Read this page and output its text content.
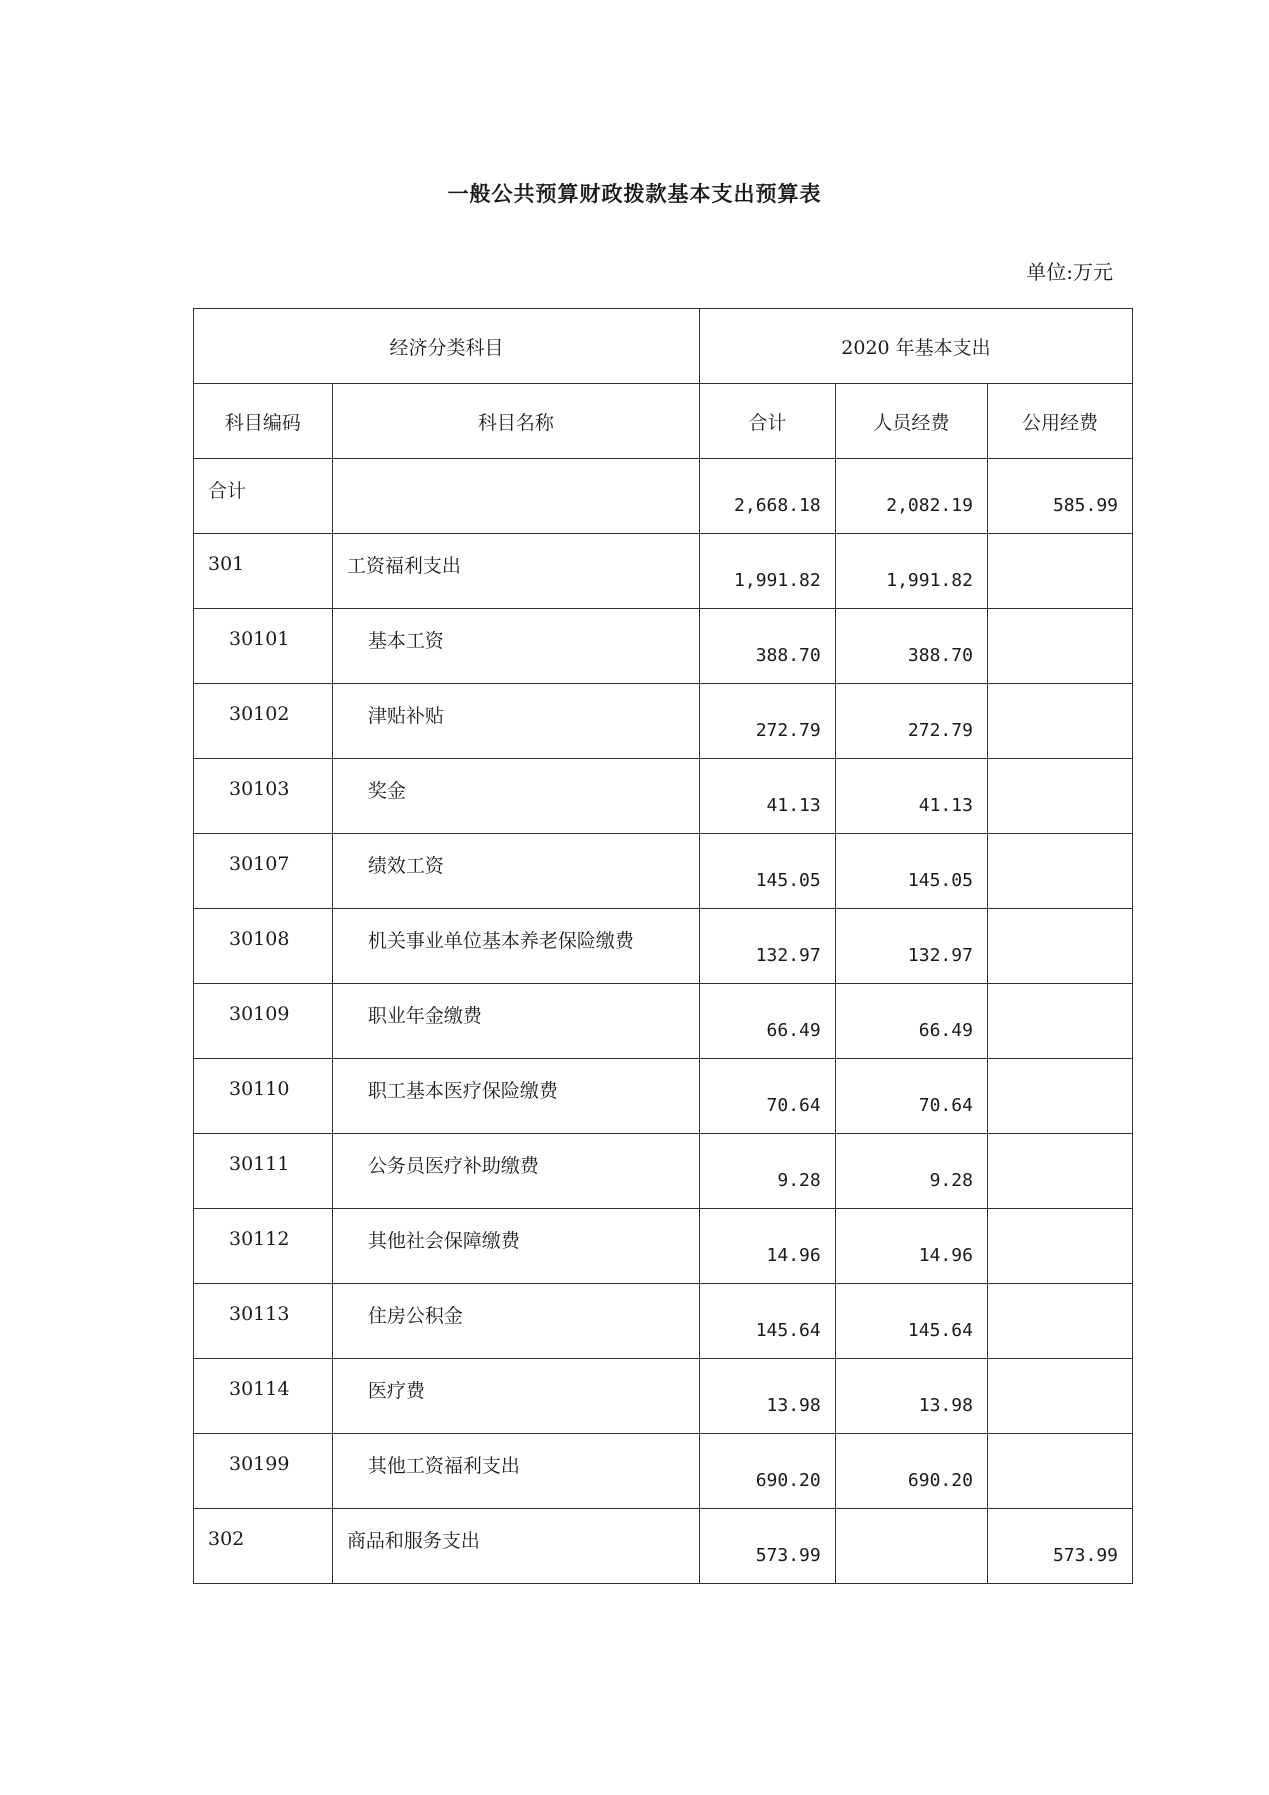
一般公共预算财政拨款基本支出预算表
单位:万元
经济分类科目		2020 年基本支出		
科目编码	科目名称	合计	人员经费	公用经费
合计		2,668.18	2,082.19	585.99
301	工资福利支出	1,991.82	1,991.82	
30101	基本工资	388.70	388.70	
30102	津贴补贴	272.79	272.79	
30103	奖金	41.13	41.13	
30107	绩效工资	145.05	145.05	
30108	机关事业单位基本养老保险缴费	132.97	132.97	
30109	职业年金缴费	66.49	66.49	
30110	职工基本医疗保险缴费	70.64	70.64	
30111	公务员医疗补助缴费	9.28	9.28	
30112	其他社会保障缴费	14.96	14.96	
30113	住房公积金	145.64	145.64	
30114	医疗费	13.98	13.98	
30199	其他工资福利支出	690.20	690.20	
302	商品和服务支出	573.99		573.99
